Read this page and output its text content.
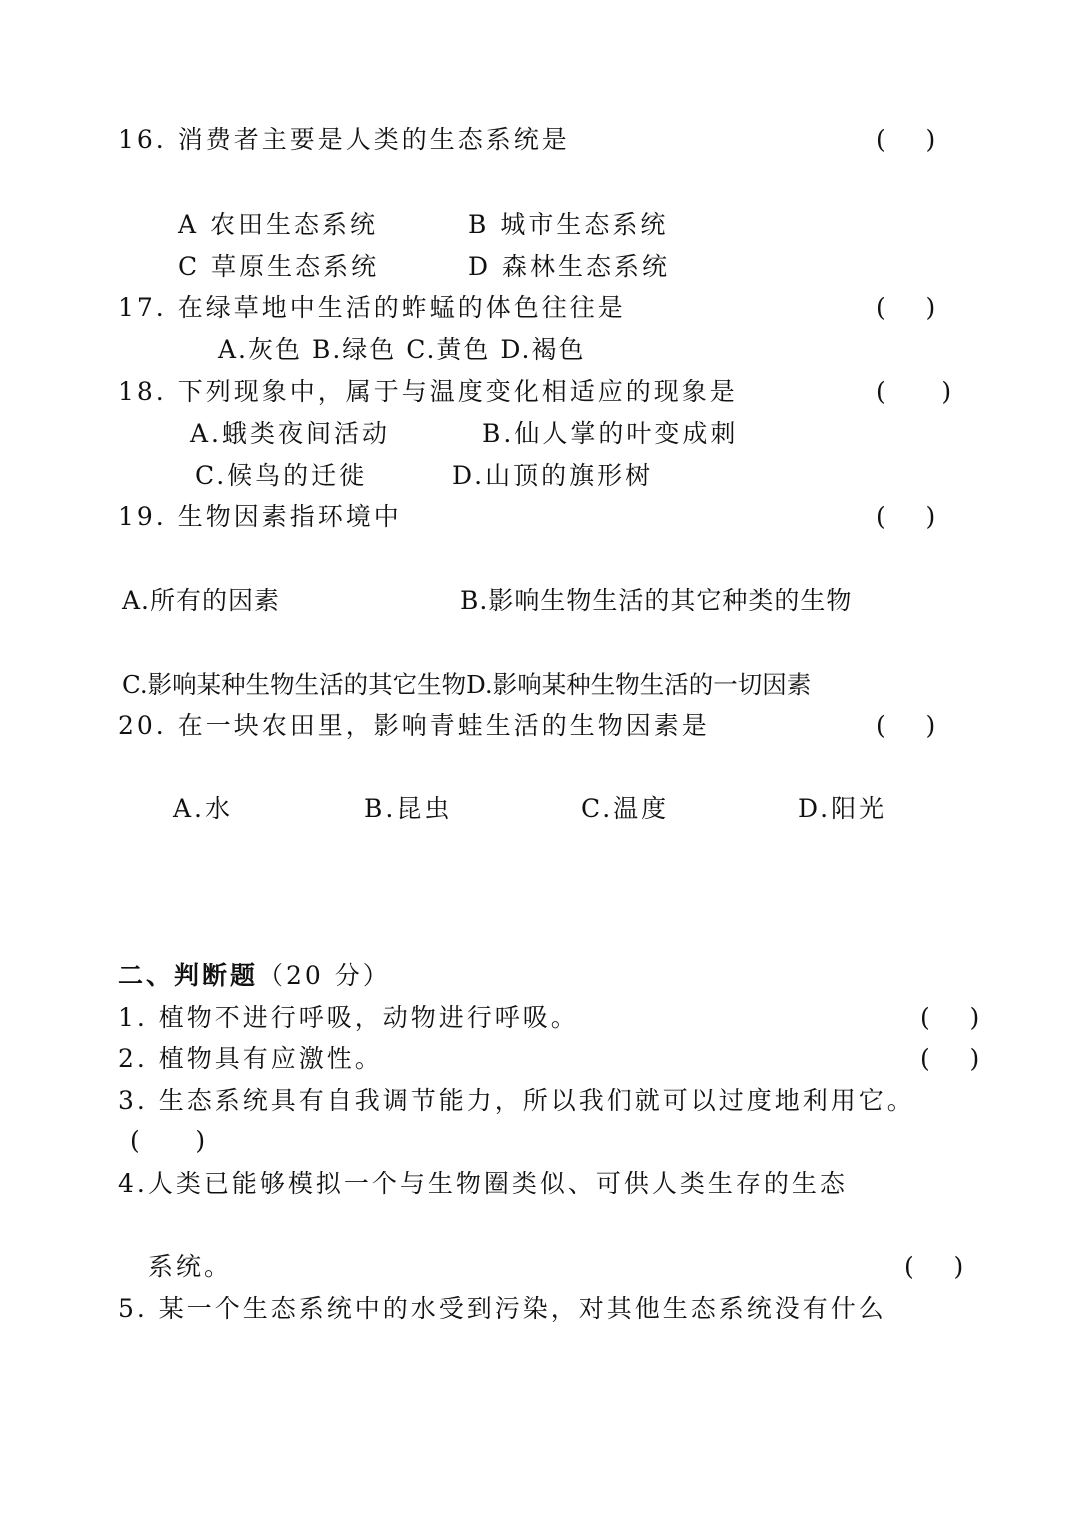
16. 消费者主要是人类的生态系统是	(     )
A 农田生态系统	B 城市生态系统
C 草原生态系统	D 森林生态系统
17. 在绿草地中生活的蚱蜢的体色往往是	(     )
A.灰色 B.绿色 C.黄色 D.褐色
18. 下列现象中，属于与温度变化相适应的现象是	(       )
A.蛾类夜间活动	B.仙人掌的叶变成刺
C.候鸟的迁徙	D.山顶的旗形树
19. 生物因素指环境中	(     )
A.所有的因素	B.影响生物生活的其它种类的生物
C.影响某种生物生活的其它生物D.影响某种生物生活的一切因素
20. 在一块农田里，影响青蛙生活的生物因素是	(     )
A.水	B.昆虫	C.温度	D.阳光
二、判断题（20 分）
1. 植物不进行呼吸，动物进行呼吸。	(     )
2. 植物具有应激性。	(     )
3. 生态系统具有自我调节能力，所以我们就可以过度地利用它。
(       )
4.人类已能够模拟一个与生物圈类似、可供人类生存的生态
系统。	(     )
5. 某一个生态系统中的水受到污染，对其他生态系统没有什么
